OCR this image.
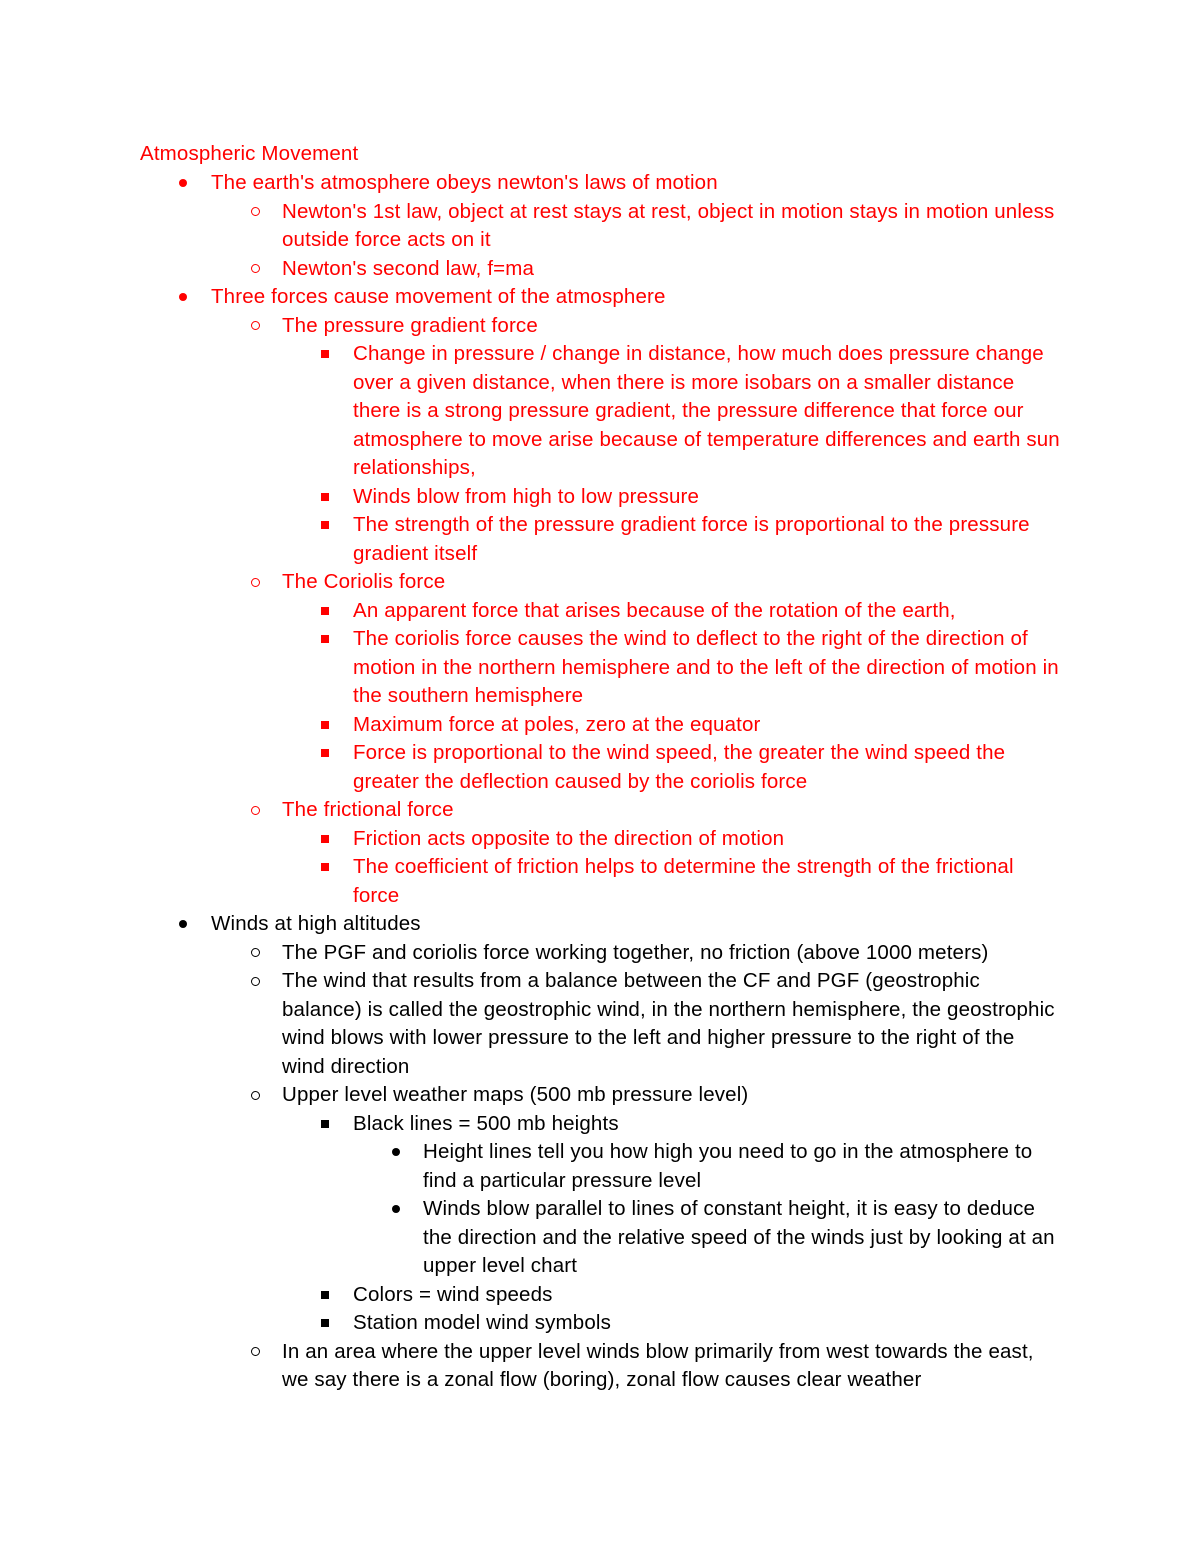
Atmospheric Movement
The earth's atmosphere obeys newton's laws of motion
Newton's 1st law, object at rest stays at rest, object in motion stays in motion unless outside force acts on it
Newton's second law, f=ma
Three forces cause movement of the atmosphere
The pressure gradient force
Change in pressure / change in distance, how much does pressure change over a given distance, when there is more isobars on a smaller distance there is a strong pressure gradient, the pressure difference that force our atmosphere to move arise because of temperature differences and earth sun relationships,
Winds blow from high to low pressure
The strength of the pressure gradient force is proportional to the pressure gradient itself
The Coriolis force
An apparent force that arises because of the rotation of the earth,
The coriolis force causes the wind to deflect to the right of the direction of motion in the northern hemisphere and to the left of the direction of motion in the southern hemisphere
Maximum force at poles, zero at the equator
Force is proportional to the wind speed, the greater the wind speed the greater the deflection caused by the coriolis force
The frictional force
Friction acts opposite to the direction of motion
The coefficient of friction helps to determine the strength of the frictional force
Winds at high altitudes
The PGF and coriolis force working together, no friction (above 1000 meters)
The wind that results from a balance between the CF and PGF (geostrophic balance) is called the geostrophic wind, in the northern hemisphere, the geostrophic wind blows with lower pressure to the left and higher pressure to the right of the wind direction
Upper level weather maps (500 mb pressure level)
Black lines = 500 mb heights
Height lines tell you how high you need to go in the atmosphere to find a particular pressure level
Winds blow parallel to lines of constant height, it is easy to deduce the direction and the relative speed of the winds just by looking at an upper level chart
Colors = wind speeds
Station model wind symbols
In an area where the upper level winds blow primarily from west towards the east, we say there is a zonal flow (boring), zonal flow causes clear weather
